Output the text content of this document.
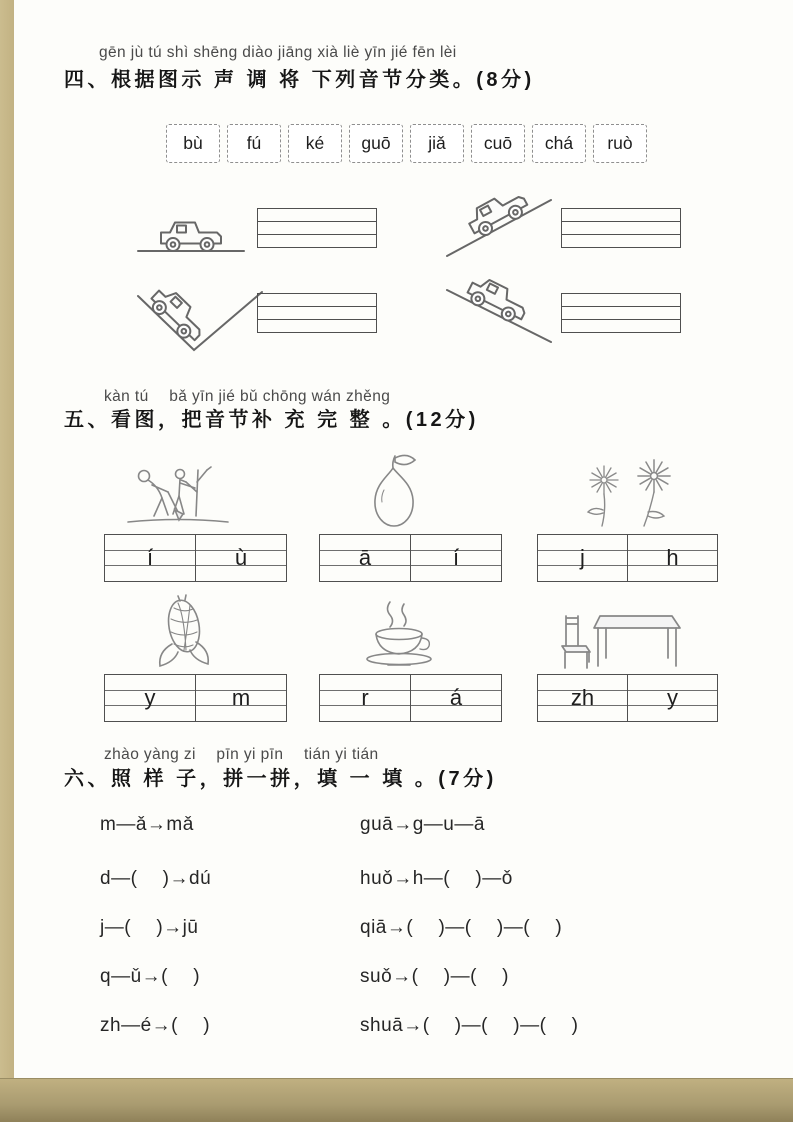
gēn jù tú shì shēng diào jiāng xià liè yīn jié fēn lèi
四、根据图示 声 调 将 下列音节分类。(8分)
bù	fú	ké	guō	jiǎ	cuō	chá	ruò
kàn tú　 bǎ yīn jié bǔ chōng wán zhěng
五、看图，把音节补 充 完 整 。(12分)
í	ù	ā	í	j	h
y	m	r	á	zh	y
zhào yàng zi　 pīn yi pīn　 tián yi tián
六、照 样 子，拼一拼，填 一 填 。(7分)
m—ǎ→mǎ
d—(　 )→dú
j—(　 )→jū
q—ǔ→(　 )
zh—é→(　 )
guā→g—u—ā
huǒ→h—(　 )—ǒ
qiā→(　 )—(　 )—(　 )
suǒ→(　 )—(　 )
shuā→(　 )—(　 )—(　 )
